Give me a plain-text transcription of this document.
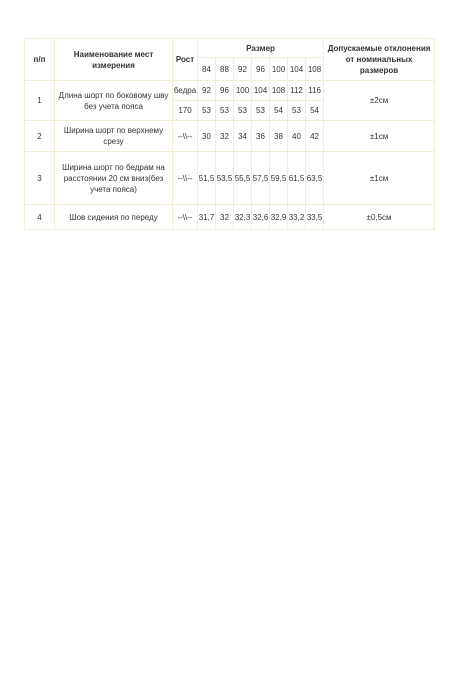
п/п	Наименование мест измерения	Рост	Размер							Допускаемые отклонения от номинальных размеров
			84	88	92	96	100	104	108	
1	Длина шорт по боковому шву без учета пояса	бедра	92	96	100	104	108	112	116	±2см
		170	53	53	53	53	54	53	54	
2	Ширина шорт по верхнему срезу	--\\--	30	32	34	36	38	40	42	±1см
3	Ширина шорт по бедрам на расстоянии 20 см вниз(без учета пояса)	--\\--	51,5	53,5	55,5	57,5	59,5	61,5	63,5	±1см
4	Шов сидения по переду	--\\--	31,7	32	32,3	32,6	32,9	33,2	33,5	±0,5см
